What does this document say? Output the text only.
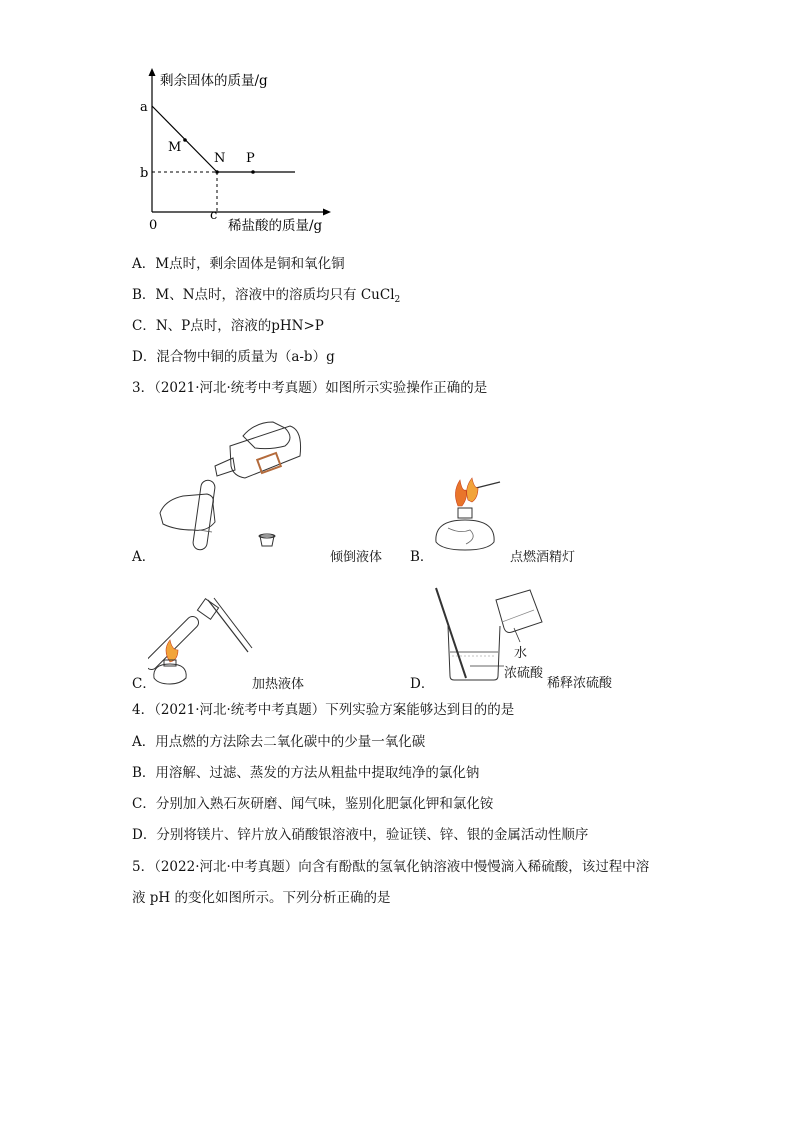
a
b
c
0
M
N P
剩余固体的质量/g
稀盐酸的质量/g
A．M点时，剩余固体是铜和氧化铜
B．M、N点时，溶液中的溶质均只有 CuCl$_2$
C．N、P点时，溶液的pHN>P
D．混合物中铜的质量为（a-b）g
3．（2021·河北·统考中考真题）如图所示实验操作正确的是
A．	倾倒液体 B．	点燃酒精灯
C．	加热液体	D．
水
浓硫酸
稀释浓硫酸
4．（2021·河北·统考中考真题）下列实验方案能够达到目的的是
A．用点燃的方法除去二氧化碳中的少量一氧化碳
B．用溶解、过滤、蒸发的方法从粗盐中提取纯净的氯化钠
C．分别加入熟石灰研磨、闻气味，鉴别化肥氯化钾和氯化铵
D．分别将镁片、锌片放入硝酸银溶液中，验证镁、锌、银的金属活动性顺序
5．（2022·河北·中考真题）向含有酚酞的氢氧化钠溶液中慢慢滴入稀硫酸，该过程中溶
液 pH 的变化如图所示。下列分析正确的是
